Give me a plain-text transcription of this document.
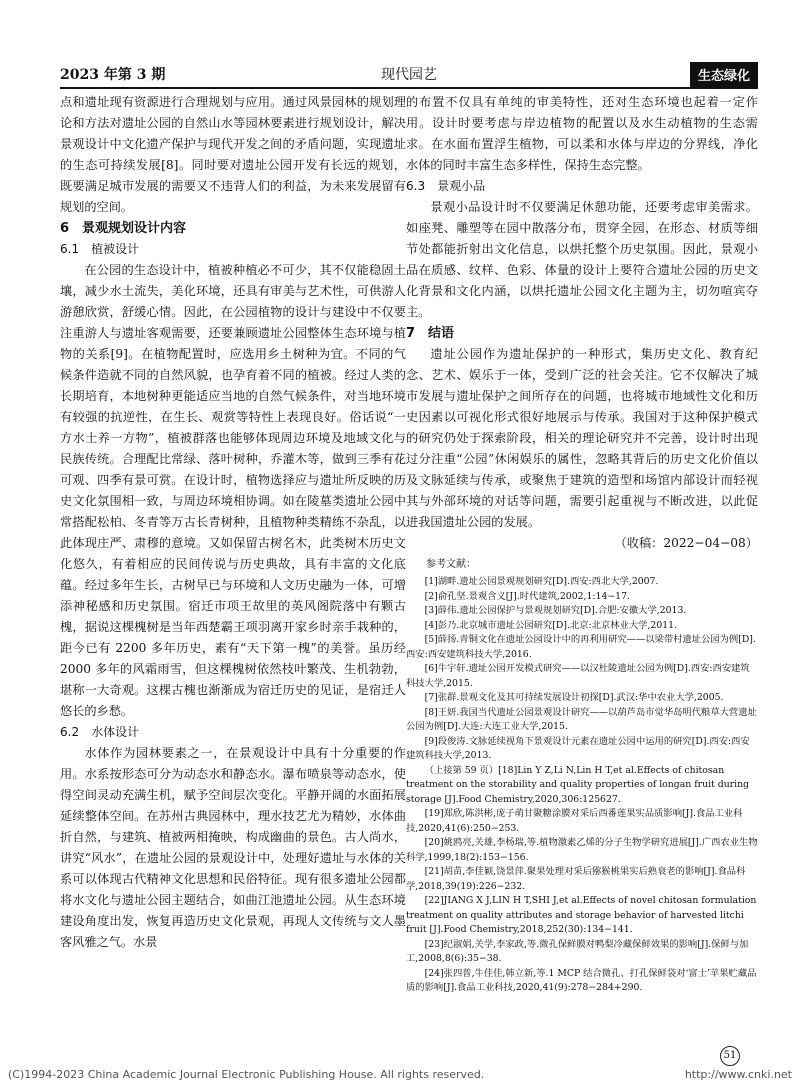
2023 年第 3 期	现代园艺	生态绿化

点和遗址现有资源进行合理规划与应用。通过风景园林的规划理论和方法对遗址公园的自然山水等园林要素进行规划设计，解决景观设计中文化遗产保护与现代开发之间的矛盾问题，实现遗址的生态可持续发展[8]。同时要对遗址公园开发有长远的规划，既要满足城市发展的需要又不违背人们的利益，为未来发展留有规划的空间。

6　景观规划设计内容

6.1　植被设计

在公园的生态设计中，植被种植必不可少，其不仅能稳固土壤，减少水土流失，美化环境，还具有审美与艺术性，可供游人游憩欣赏，舒缓心情。因此，在公园植物的设计与建设中不仅要注重游人与遗址客观需要，还要兼顾遗址公园整体生态环境与植物的关系[9]。在植物配置时，应选用乡土树种为宜。不同的气候条件造就不同的自然风貌，也孕育着不同的植被。经过人类的长期培育，本地树种更能适应当地的自然气候条件，对当地环境有较强的抗逆性，在生长、观赏等特性上表现良好。俗话说“一方水土养一方物”，植被群落也能够体现周边环境及地域文化与民族传统。合理配比常绿、落叶树种，乔灌木等，做到三季有花可观、四季有景可赏。在设计时，植物选择应与遗址所反映的历史文化氛围相一致，与周边环境相协调。如在陵墓类遗址公园中常搭配松柏、冬青等万古长青树种，且植物种类精练不杂乱，以此体现庄严、肃穆的意境。又如保留古树名木，此类树木历史文化悠久，有着相应的民间传说与历史典故，具有丰富的文化底蕴。经过多年生长，古树早已与环境和人文历史融为一体，可增添神秘感和历史氛围。宿迁市项王故里的英风阁院落中有颗古槐，据说这棵槐树是当年西楚霸王项羽离开家乡时亲手栽种的，距今已有 2200 多年历史，素有“天下第一槐”的美誉。虽历经 2000 多年的风霜雨雪，但这棵槐树依然枝叶繁茂、生机勃勃，堪称一大奇观。这棵古槐也渐渐成为宿迁历史的见证，是宿迁人悠长的乡愁。

6.2　水体设计

水体作为园林要素之一，在景观设计中具有十分重要的作用。水系按形态可分为动态水和静态水。瀑布喷泉等动态水，使得空间灵动充满生机，赋予空间层次变化。平静开阔的水面拓展延续整体空间。在苏州古典园林中，理水技艺尤为精妙，水体曲折自然，与建筑、植被两相掩映，构成幽曲的景色。古人尚水，讲究“风水”，在遗址公园的景观设计中，处理好遗址与水体的关系可以体现古代精神文化思想和民俗特征。现有很多遗址公园都将水文化与遗址公园主题结合，如曲江池遗址公园。从生态环境建设角度出发，恢复再造历史文化景观，再现人文传统与文人墨客风雅之气。水景

的布置不仅具有单纯的审美特性，还对生态环境也起着一定作用。设计时要考虑与岸边植物的配置以及水生动植物的生态需求。在水面布置浮生植物，可以柔和水体与岸边的分界线，净化水体的同时丰富生态多样性，保持生态完整。

6.3　景观小品

景观小品设计时不仅要满足休憩功能，还要考虑审美需求。如座凳、雕塑等在园中散落分布，贯穿全园，在形态、材质等细节处都能折射出文化信息，以烘托整个历史氛围。因此，景观小品在质感、纹样、色彩、体量的设计上要符合遗址公园的历史文化背景和文化内涵，以烘托遗址公园文化主题为主，切勿喧宾夺主。

7　结语

遗址公园作为遗址保护的一种形式，集历史文化、教育纪念、艺术、娱乐于一体，受到广泛的社会关注。它不仅解决了城市发展与遗址保护之间所存在的问题，也将城市地域性文化和历史因素以可视化形式很好地展示与传承。我国对于这种保护模式的研究仍处于探索阶段，相关的理论研究并不完善，设计时出现过分注重“公园”休闲娱乐的属性，忽略其背后的历史文化价值以及文脉延续与传承，或聚焦于建筑的造型和场馆内部设计而轻视其与外部环境的对话等问题，需要引起重视与不断改进，以此促进我国遗址公园的发展。

（收稿：2022−04−08）

参考文献：

[1]湖畔.遗址公园景观规划研究[D].西安:西北大学,2007.

[2]俞孔坚.景观含义[J].时代建筑,2002,1:14−17.

[3]薛伟.遗址公园保护与景观规划研究[D].合肥:安徽大学,2013.

[4]彭乃.北京城市遗址公园研究[D].北京:北京林业大学,2011.

[5]薛扬.青铜文化在遗址公园设计中的再利用研究——以梁带村遗址公园为例[D].西安:西安建筑科技大学,2016.

[6]牛宇轩.遗址公园开发模式研究——以汉杜陵遗址公园为例[D].西安:西安建筑科技大学,2015.

[7]张群.景观文化及其可持续发展设计初探[D].武汉:华中农业大学,2005.

[8]王妍.我国当代遗址公园景观设计研究——以葫芦岛市觉华岛明代粮草大营遗址公园为例[D].大连:大连工业大学,2015.

[9]段俊涛.文脉延续视角下景观设计元素在遗址公园中运用的研究[D].西安:西安建筑科技大学,2013.

（上接第 59 页）[18]Lin Y Z,Li N,Lin H T,et al.Effects of chitosan treatment on the storability and quality properties of longan fruit during storage [J].Food Chemistry,2020,306:125627.

[19]郑欣,陈洪彬,庞子萌甘聚糖涂膜对采后西番莲果实品质影响[J].食品工业科技,2020,41(6):250−253.

[20]姚鸥亮,关雄,李杨瑞,等.植物激素乙烯的分子生物学研究进展[J].广西农业生物科学,1999,18(2):153−156.

[21]胡苗,李佳颖,饶景萍.聚果处理对采后猕猴桃果实后熟衰老的影响[J].食品科学,2018,39(19):226−232.

[22]JIANG X J,LIN H T,SHI J,et al.Effects of novel chitosan formulation treatment on quality attributes and storage behavior of harvested litchi fruit [J].Food Chemistry,2018,252(30):134−141.

[23]纪淑娟,关学,李家政,等.微孔保鲜膜对鸭梨冷藏保鲜效果的影响[J].保鲜与加工,2008,8(6):35−38.

[24]张四普,牛佳佳,韩立新,等.1 MCP 结合微孔、打孔保鲜袋对‘富士’苹果贮藏品质的影响[J].食品工业科技,2020,41(9):278−284+290.

51
(C)1994-2023 China Academic Journal Electronic Publishing House. All rights reserved.	http://www.cnki.net
